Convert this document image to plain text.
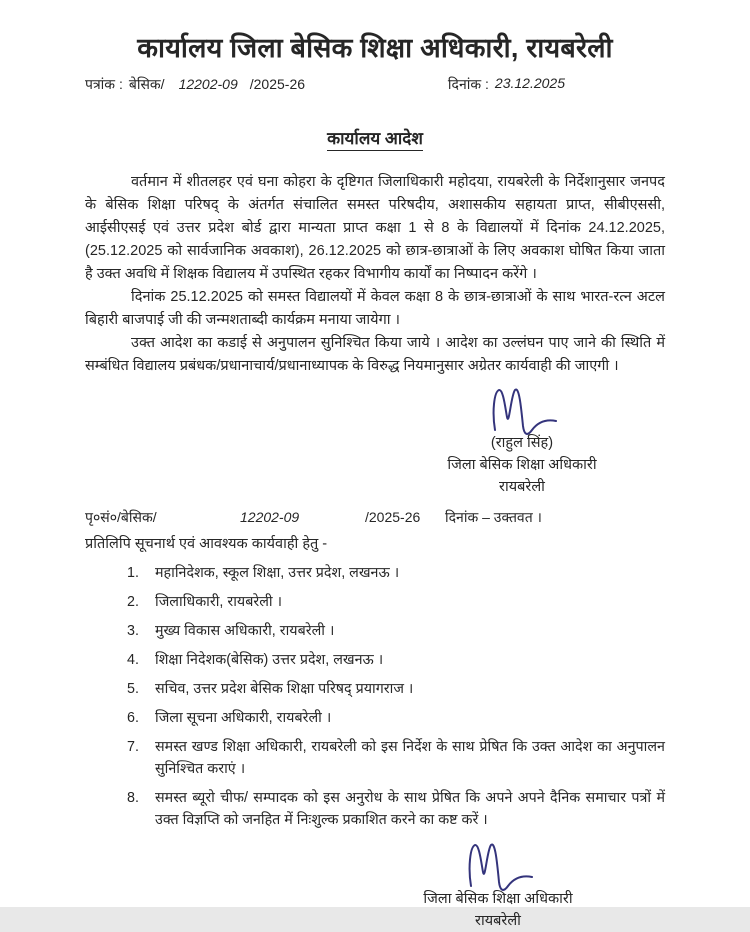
कार्यालय जिला बेसिक शिक्षा अधिकारी, रायबरेली
पत्रांक : बेसिक/ 12202-09 /2025-26	दिनांक : 23.12.2025
कार्यालय आदेश

वर्तमान में शीतलहर एवं घना कोहरा के दृष्टिगत जिलाधिकारी महोदया, रायबरेली के निर्देशानुसार जनपद के बेसिक शिक्षा परिषद् के अंतर्गत संचालित समस्त परिषदीय, अशासकीय सहायता प्राप्त, सीबीएससी, आईसीएसई एवं उत्तर प्रदेश बोर्ड द्वारा मान्यता प्राप्त कक्षा 1 से 8 के विद्यालयों में दिनांक 24.12.2025, (25.12.2025 को सार्वजानिक अवकाश), 26.12.2025 को छात्र-छात्राओं के लिए अवकाश घोषित किया जाता है उक्त अवधि में शिक्षक विद्यालय में उपस्थित रहकर विभागीय कार्यों का निष्पादन करेंगे ।

दिनांक 25.12.2025 को समस्त विद्यालयों में केवल कक्षा 8 के छात्र-छात्राओं के साथ भारत-रत्न अटल बिहारी बाजपाई जी की जन्मशताब्दी कार्यक्रम मनाया जायेगा ।

उक्त आदेश का कडाई से अनुपालन सुनिश्चित किया जाये । आदेश का उल्लंघन पाए जाने की स्थिति में सम्बंधित विद्यालय प्रबंधक/प्रधानाचार्य/प्रधानाध्यापक के विरुद्ध नियमानुसार अग्रेतर कार्यवाही की जाएगी ।

(राहुल सिंह)
जिला बेसिक शिक्षा अधिकारी
रायबरेली
पृ०सं०/बेसिक/	12202-09	/2025-26	दिनांक – उक्तवत ।
प्रतिलिपि सूचनार्थ एवं आवश्यक कार्यवाही हेतु -
1.	महानिदेशक, स्कूल शिक्षा, उत्तर प्रदेश, लखनऊ ।
2.	जिलाधिकारी, रायबरेली ।
3.	मुख्य विकास अधिकारी, रायबरेली ।
4.	शिक्षा निदेशक(बेसिक) उत्तर प्रदेश, लखनऊ ।
5.	सचिव, उत्तर प्रदेश बेसिक शिक्षा परिषद् प्रयागराज ।
6.	जिला सूचना अधिकारी, रायबरेली ।
7.	समस्त खण्ड शिक्षा अधिकारी, रायबरेली को इस निर्देश के साथ प्रेषित कि उक्त आदेश का अनुपालन सुनिश्चित कराएं ।
8.	समस्त ब्यूरो चीफ/ सम्पादक को इस अनुरोध के साथ प्रेषित कि अपने अपने दैनिक समाचार पत्रों में उक्त विज्ञप्ति को जनहित में निःशुल्क प्रकाशित करने का कष्ट करें ।
जिला बेसिक शिक्षा अधिकारी
रायबरेली
